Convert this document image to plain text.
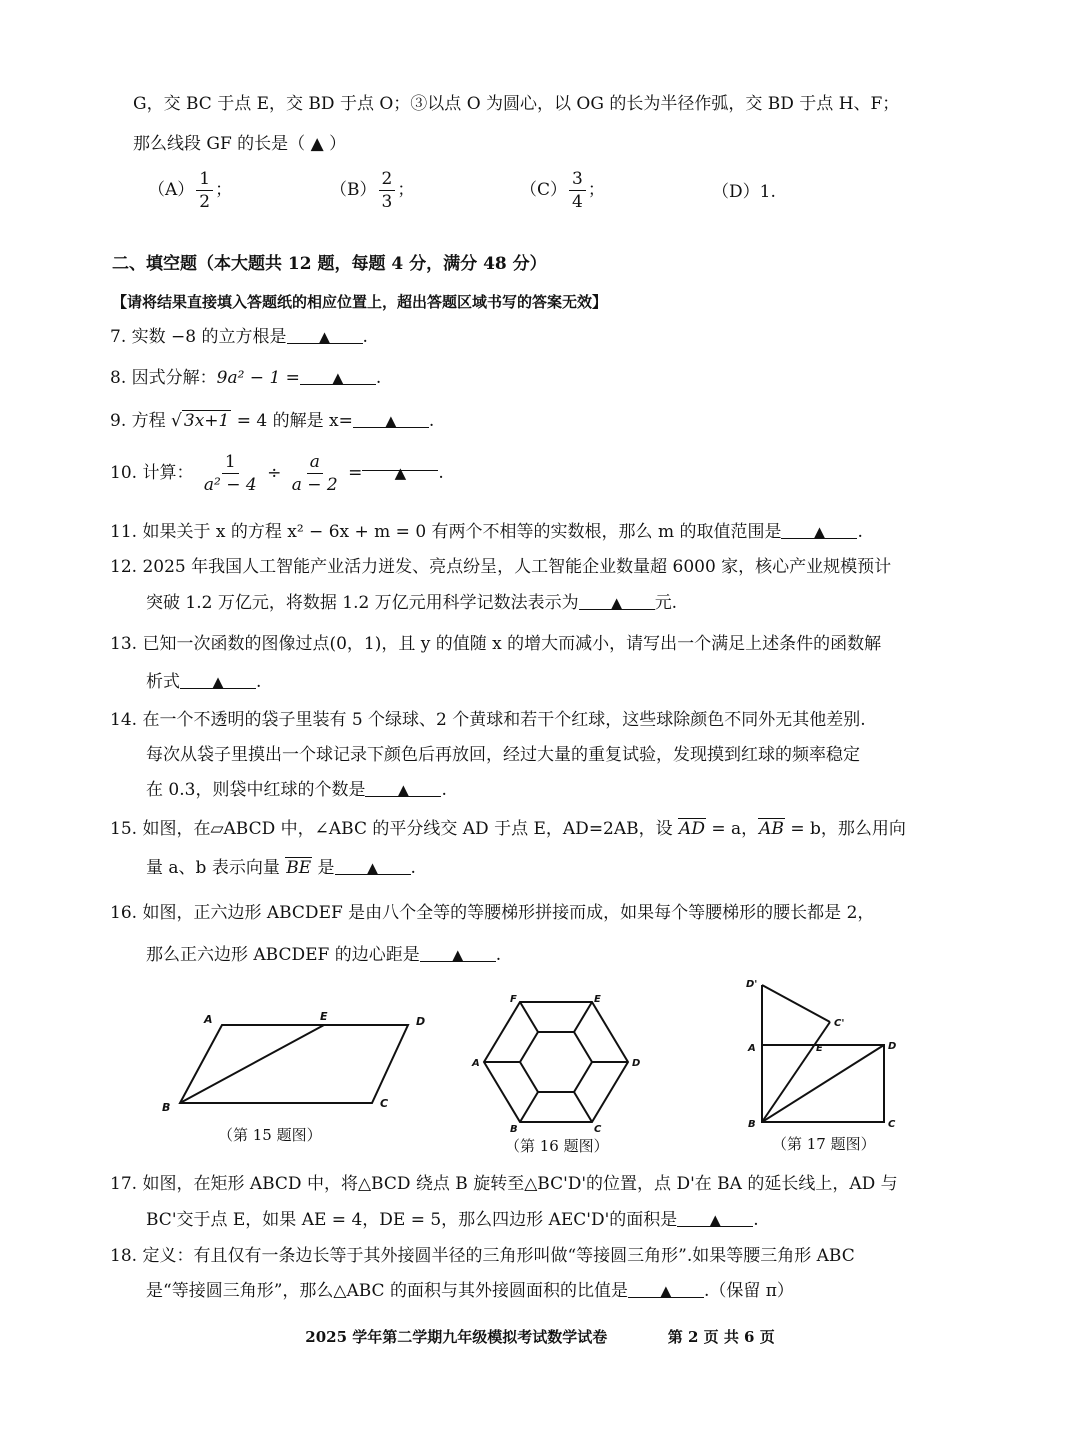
G，交 BC 于点 E，交 BD 于点 O；③以点 O 为圆心，以 OG 的长为半径作弧，交 BD 于点 H、F；
那么线段 GF 的长是（ ▲ ）
$(A) \frac{1}{2}$ ；	$(B) \frac{2}{3}$ ；	$(C) \frac{3}{4}$ ；	（D）1.
二、填空题（本大题共 12 题，每题 4 分，满分 48 分）
【请将结果直接填入答题纸的相应位置上，超出答题区域书写的答案无效】
7. 实数 −8 的立方根是 ▲ .
8. 因式分解：9a² − 1 = ▲ .
9. 方程 √ 3x+1 = 4 的解是 x= ▲ .
10. 计算： $\frac{1}{\text{a² − 4}} \div \frac{a}{a - 2}$ = ▲ .
11. 如果关于 x 的方程 x² − 6x + m = 0 有两个不相等的实数根，那么 m 的取值范围是 ▲ .
12. 2025 年我国人工智能产业活力迸发、亮点纷呈，人工智能企业数量超 6000 家，核心产业规模预计
突破 1.2 万亿元，将数据 1.2 万亿元用科学记数法表示为 ▲ 元.
13. 已知一次函数的图像过点(0，1)，且 y 的值随 x 的增大而减小，请写出一个满足上述条件的函数解
析式 ▲ .
14. 在一个不透明的袋子里装有 5 个绿球、2 个黄球和若干个红球，这些球除颜色不同外无其他差别.
每次从袋子里摸出一个球记录下颜色后再放回，经过大量的重复试验，发现摸到红球的频率稳定
在 0.3，则袋中红球的个数是 ▲ .
15. 如图，在▱ABCD 中，∠ABC 的平分线交 AD 于点 E，AD=2AB，设 AD = a，AB = b，那么用向
量 a、b 表示向量 BE 是 ▲ .
16. 如图，正六边形 ABCDEF 是由八个全等的等腰梯形拼接而成，如果每个等腰梯形的腰长都是 2，
那么正六边形 ABCDEF 的边心距是 ▲ .
A	E	D
B	C
（第 15 题图）
F	E
A	D
B	C
（第 16 题图）
D'
C'
A	E	D
B	C
（第 17 题图）
17. 如图，在矩形 ABCD 中，将△BCD 绕点 B 旋转至△BC'D'的位置，点 D'在 BA 的延长线上，AD 与
BC'交于点 E，如果 AE = 4，DE = 5，那么四边形 AEC'D'的面积是 ▲ .
18. 定义：有且仅有一条边长等于其外接圆半径的三角形叫做“等接圆三角形”.如果等腰三角形 ABC
是“等接圆三角形”，那么△ABC 的面积与其外接圆面积的比值是 ▲ .（保留 π）
2025 学年第二学期九年级模拟考试数学试卷	第 2 页 共 6 页
